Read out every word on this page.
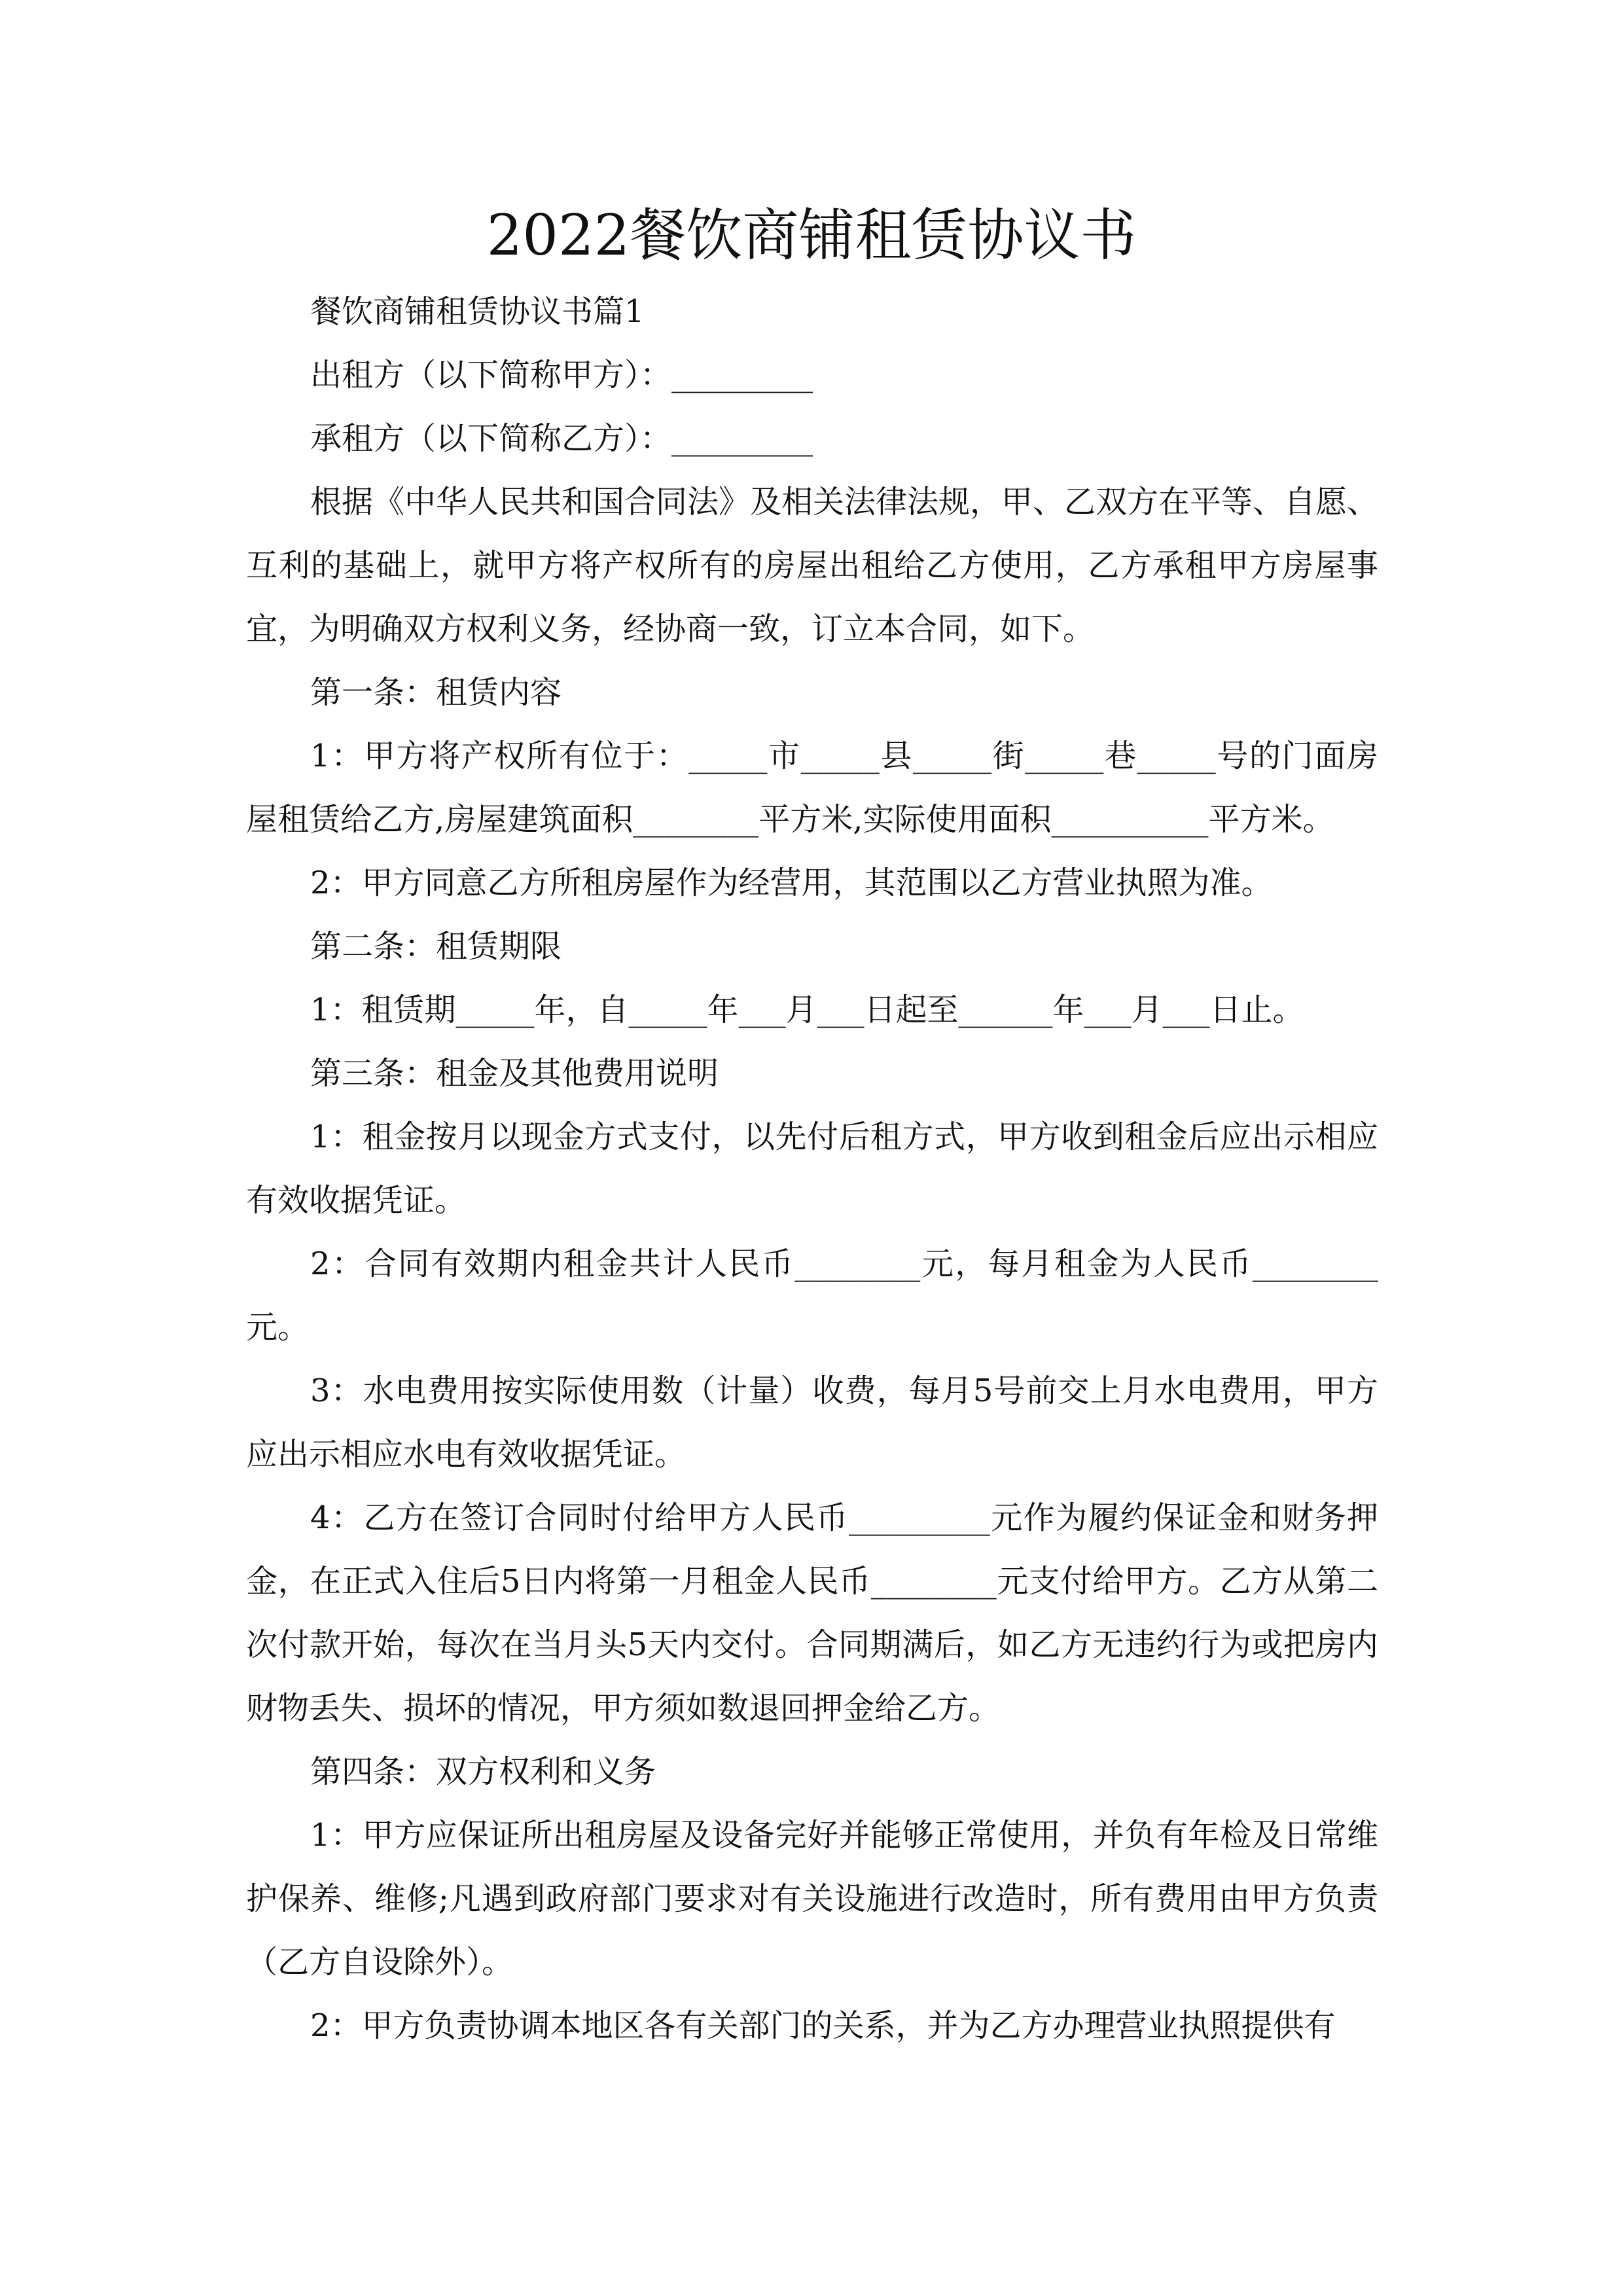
2022餐饮商铺租赁协议书

餐饮商铺租赁协议书篇1

出租方（以下简称甲方）：_________

承租方（以下简称乙方）：_________

根据《中华人民共和国合同法》及相关法律法规，甲、乙双方在平等、自愿、互利的基础上，就甲方将产权所有的房屋出租给乙方使用，乙方承租甲方房屋事宜，为明确双方权利义务，经协商一致，订立本合同，如下。

第一条：租赁内容

1：甲方将产权所有位于：_____市_____县_____街_____巷_____号的门面房屋租赁给乙方,房屋建筑面积________平方米,实际使用面积__________平方米。

2：甲方同意乙方所租房屋作为经营用，其范围以乙方营业执照为准。

第二条：租赁期限

1：租赁期_____年，自_____年___月___日起至______年___月___日止。

第三条：租金及其他费用说明

1：租金按月以现金方式支付，以先付后租方式，甲方收到租金后应出示相应有效收据凭证。

2：合同有效期内租金共计人民币________元，每月租金为人民币________元。

3：水电费用按实际使用数（计量）收费，每月5号前交上月水电费用，甲方应出示相应水电有效收据凭证。

4：乙方在签订合同时付给甲方人民币_________元作为履约保证金和财务押金，在正式入住后5日内将第一月租金人民币________元支付给甲方。乙方从第二次付款开始，每次在当月头5天内交付。合同期满后，如乙方无违约行为或把房内财物丢失、损坏的情况，甲方须如数退回押金给乙方。

第四条：双方权利和义务

1：甲方应保证所出租房屋及设备完好并能够正常使用，并负有年检及日常维护保养、维修;凡遇到政府部门要求对有关设施进行改造时，所有费用由甲方负责（乙方自设除外）。

2：甲方负责协调本地区各有关部门的关系，并为乙方办理营业执照提供有
